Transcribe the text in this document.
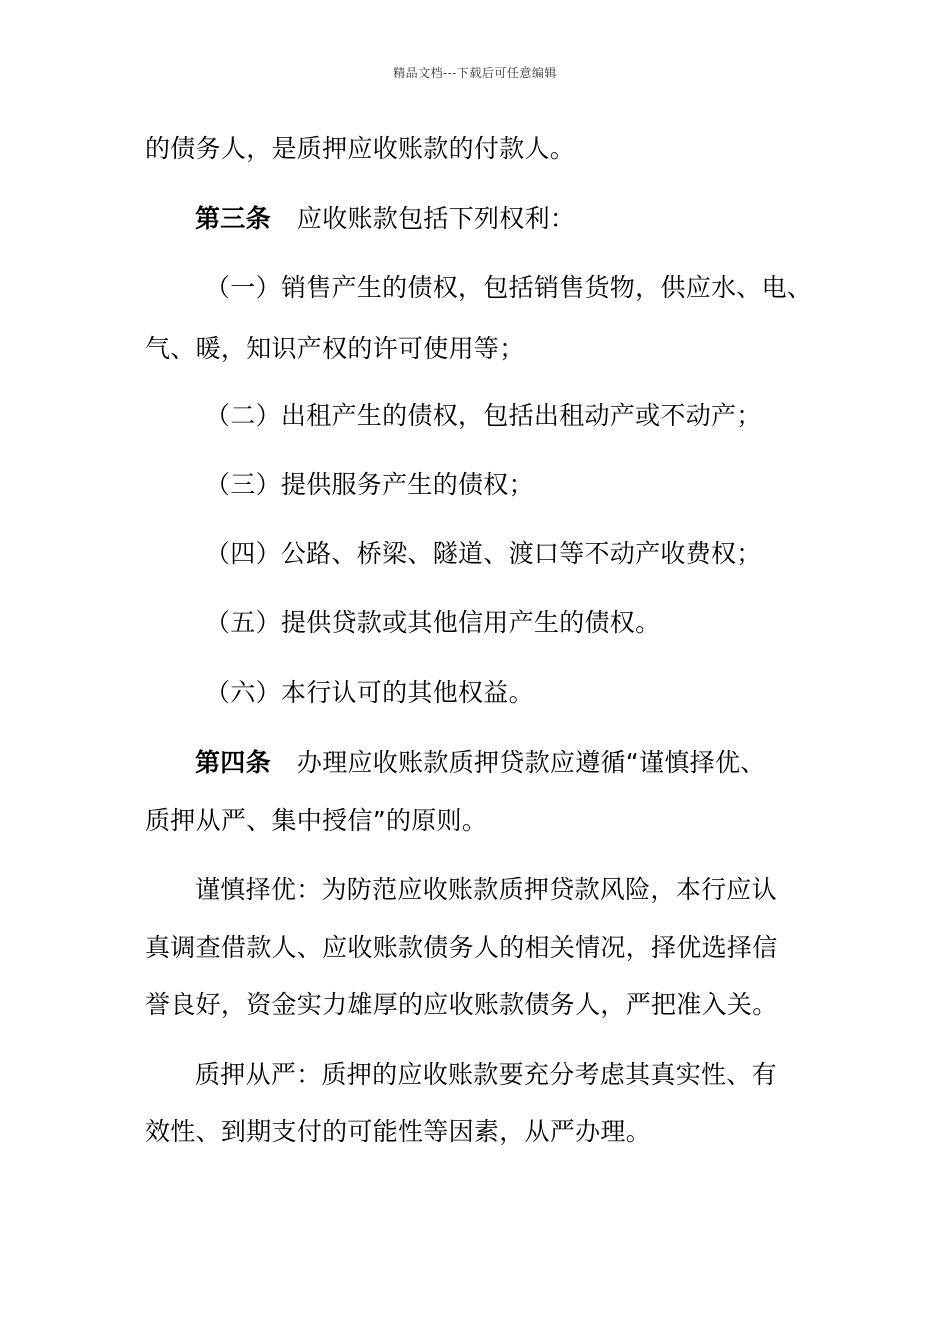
精品文档---下载后可任意编辑
的债务人，是质押应收账款的付款人。
第三条 应收账款包括下列权利：
（一）销售产生的债权，包括销售货物，供应水、电、
气、暖，知识产权的许可使用等；
（二）出租产生的债权，包括出租动产或不动产；
（三）提供服务产生的债权；
（四）公路、桥梁、隧道、渡口等不动产收费权；
（五）提供贷款或其他信用产生的债权。
（六）本行认可的其他权益。
第四条 办理应收账款质押贷款应遵循“谨慎择优、
质押从严、集中授信”的原则。
谨慎择优：为防范应收账款质押贷款风险，本行应认
真调查借款人、应收账款债务人的相关情况，择优选择信
誉良好，资金实力雄厚的应收账款债务人，严把准入关。
质押从严：质押的应收账款要充分考虑其真实性、有
效性、到期支付的可能性等因素，从严办理。
